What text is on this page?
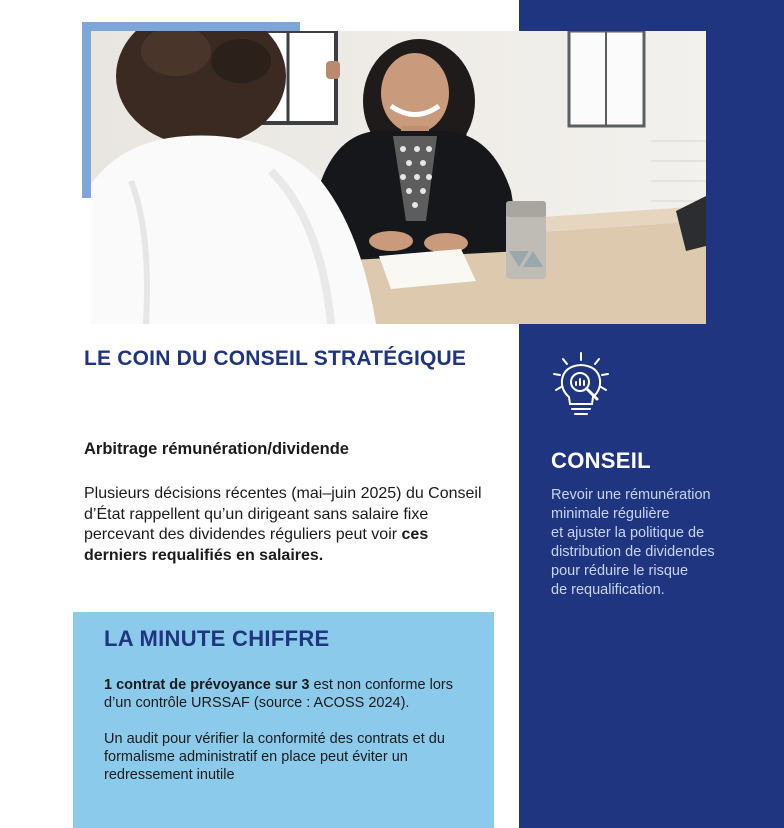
LE COIN DU CONSEIL STRATÉGIQUE
Arbitrage rémunération/dividende

Plusieurs décisions récentes (mai–juin 2025) du Conseil d’État rappellent qu’un dirigeant sans salaire fixe percevant des dividendes réguliers peut voir ces derniers requalifiés en salaires.

LA MINUTE CHIFFRE

1 contrat de prévoyance sur 3 est non conforme lors d’un contrôle URSSAF (source : ACOSS 2024).

Un audit pour vérifier la conformité des contrats et du formalisme administratif en place peut éviter un redressement inutile

CONSEIL
Revoir une rémunération
minimale régulière
et ajuster la politique de
distribution de dividendes
pour réduire le risque
de requalification.
